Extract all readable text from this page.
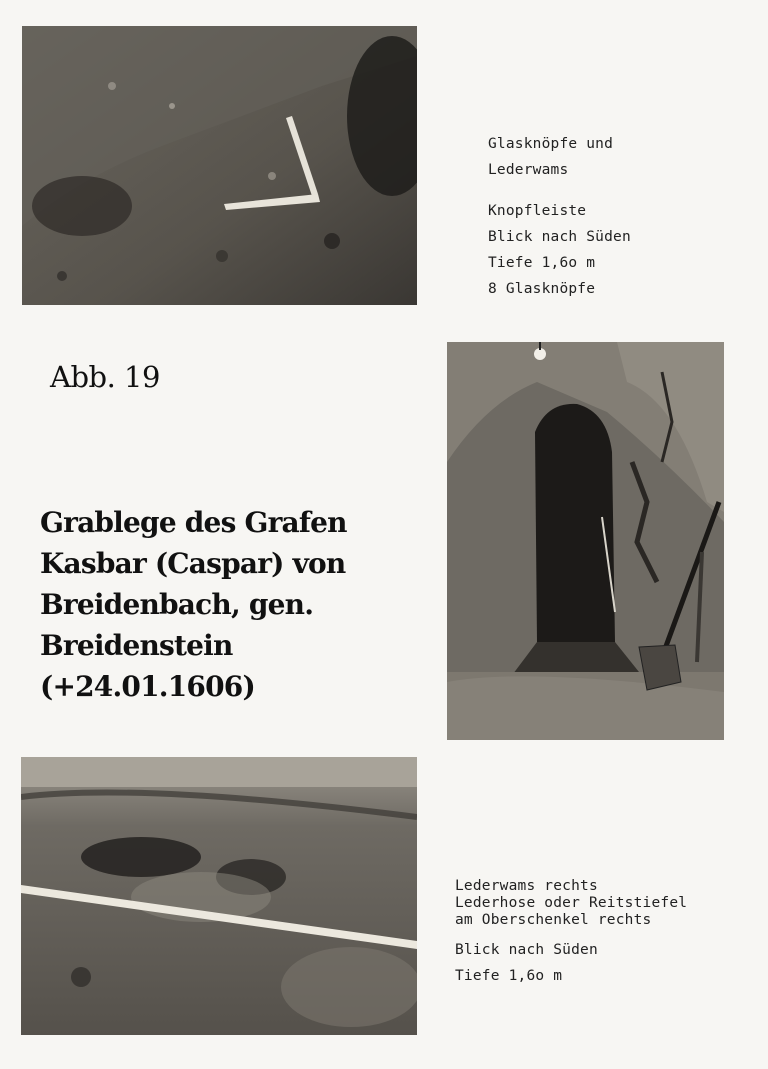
Glasknöpfe und
Lederwams
Knopfleiste
Blick nach Süden
Tiefe 1,6o m
8 Glasknöpfe
Abb. 19
Grablege des Grafen
Kasbar (Caspar) von
Breidenbach, gen.
Breidenstein
(+24.01.1606)
Lederwams rechts
Lederhose oder Reitstiefel
am Oberschenkel rechts
Blick nach Süden
Tiefe 1,6o m
